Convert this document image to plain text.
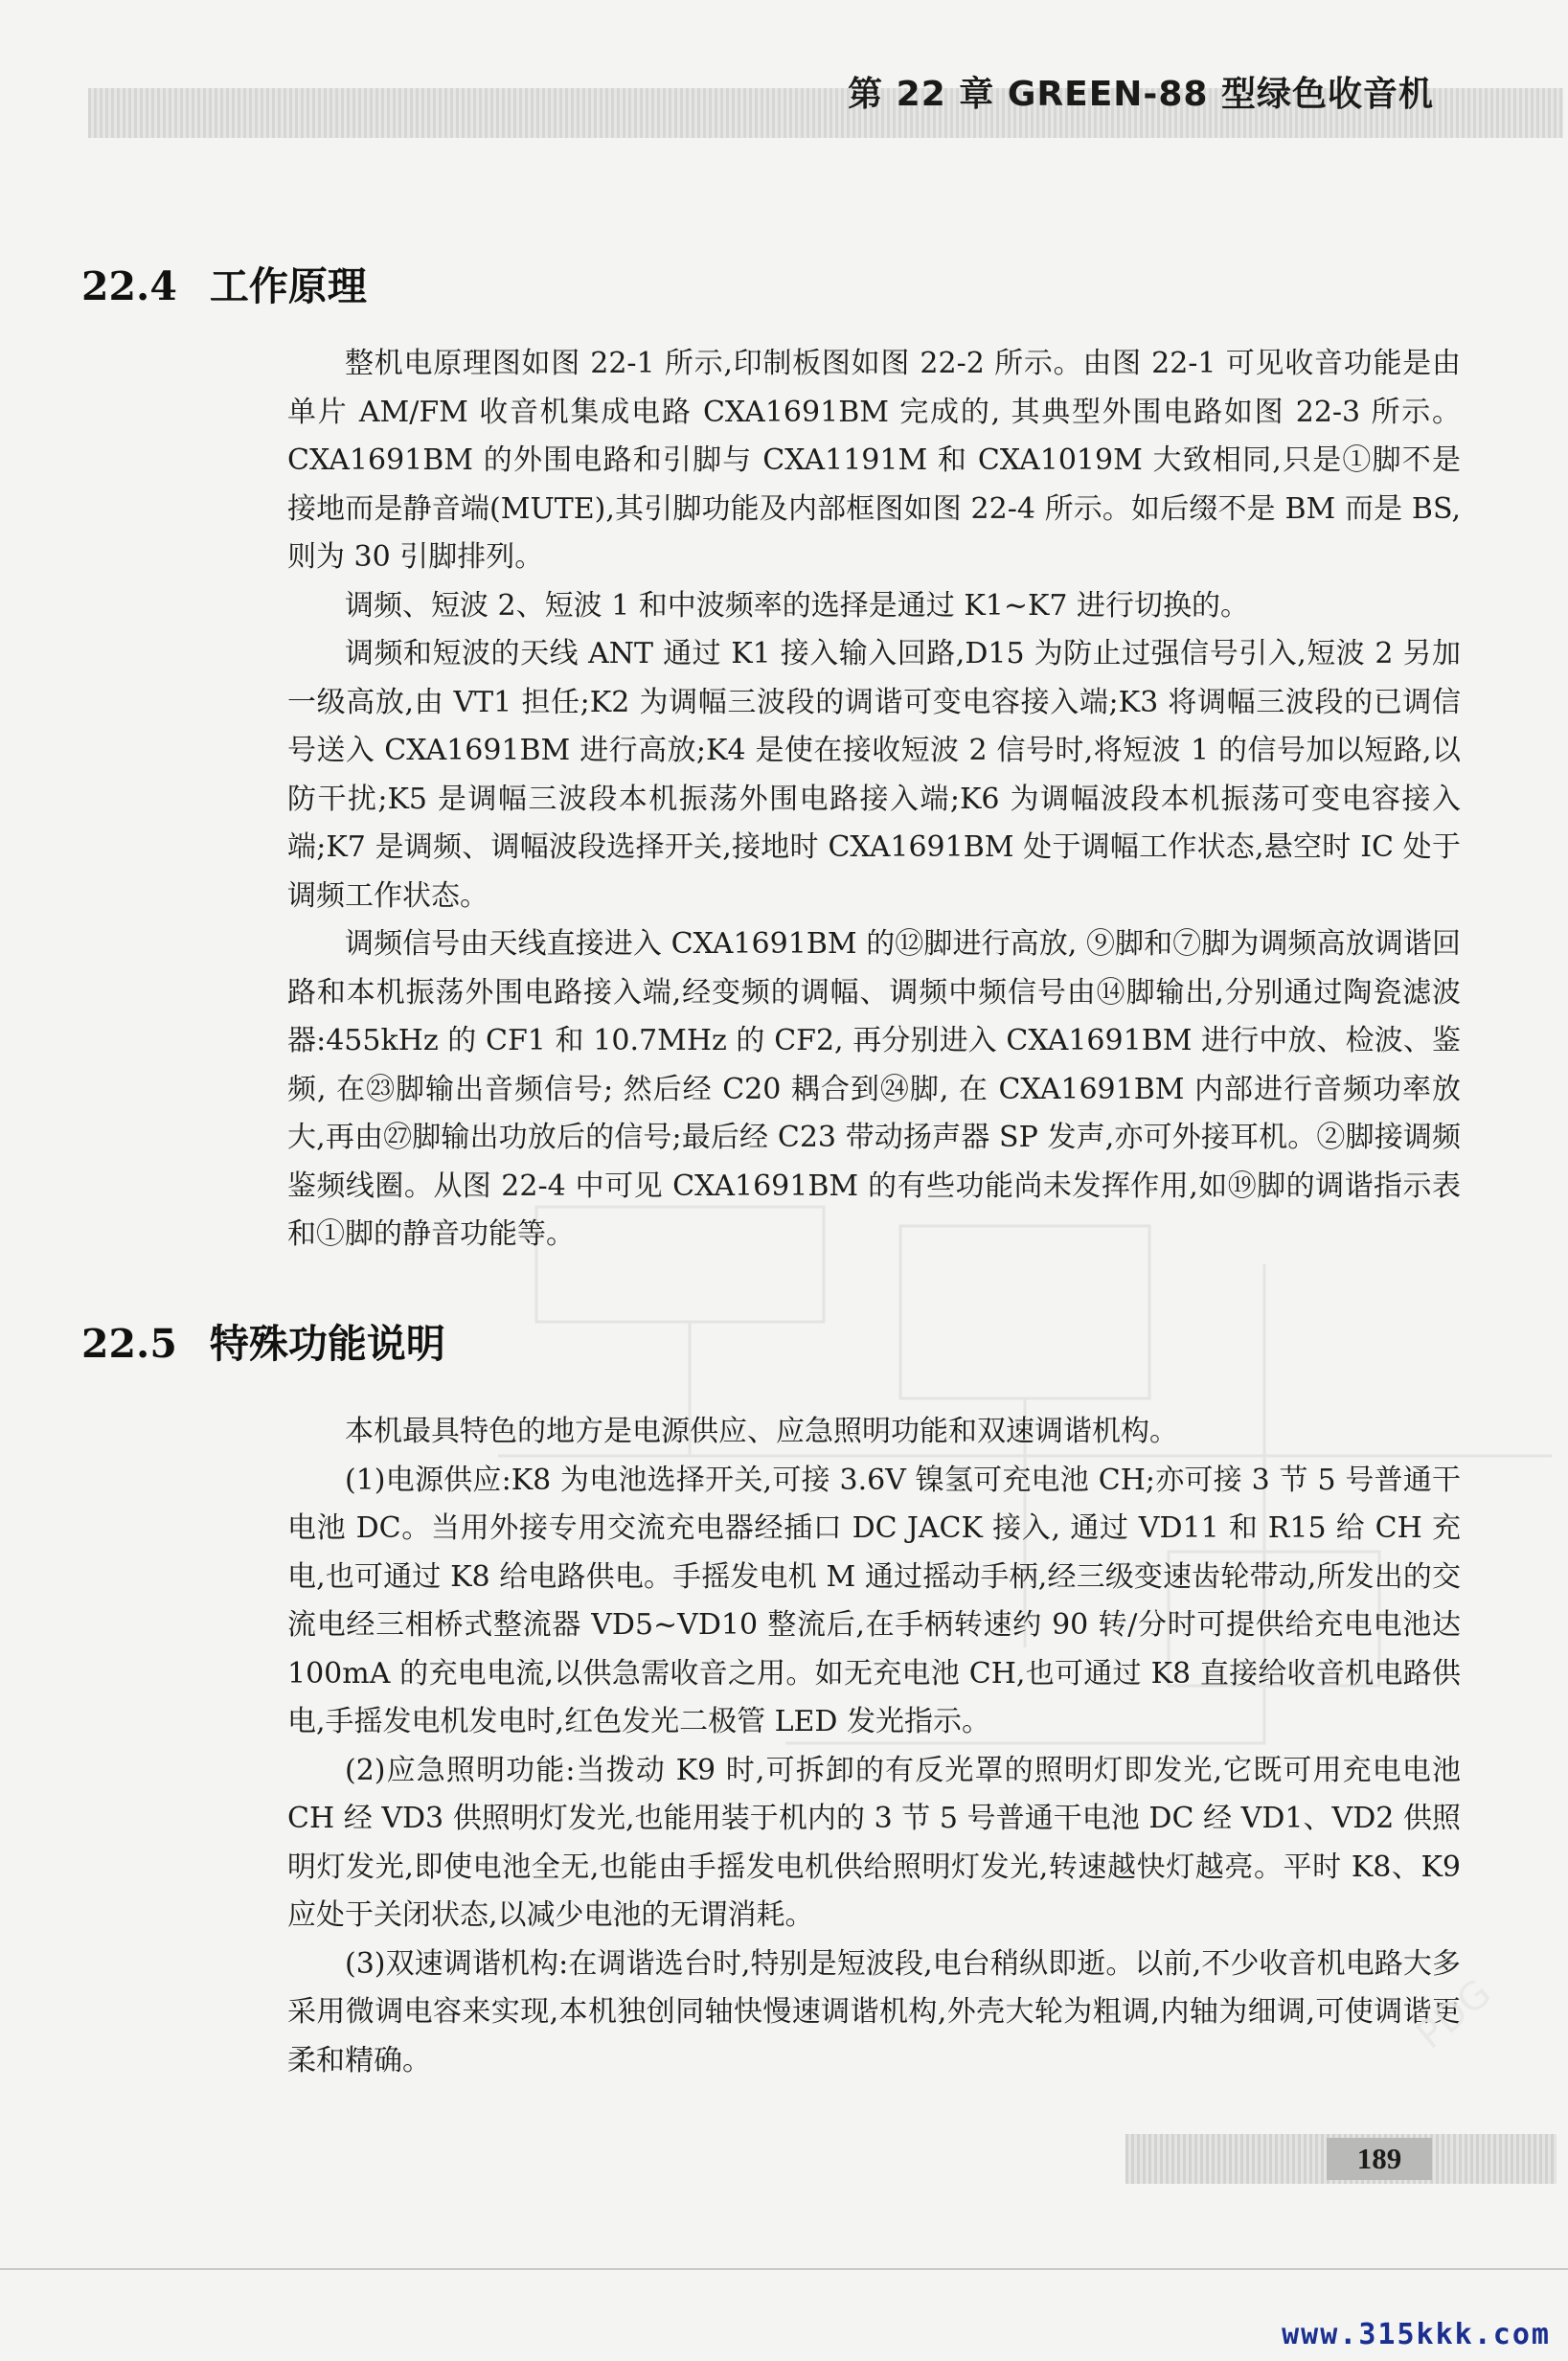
第 22 章 GREEN-88 型绿色收音机
22.4 工作原理

整机电原理图如图 22-1 所示,印制板图如图 22-2 所示。由图 22-1 可见收音功能是由单片 AM/FM 收音机集成电路 CXA1691BM 完成的, 其典型外围电路如图 22-3 所示。CXA1691BM 的外围电路和引脚与 CXA1191M 和 CXA1019M 大致相同,只是①脚不是接地而是静音端(MUTE),其引脚功能及内部框图如图 22-4 所示。如后缀不是 BM 而是 BS,则为 30 引脚排列。

调频、短波 2、短波 1 和中波频率的选择是通过 K1~K7 进行切换的。

调频和短波的天线 ANT 通过 K1 接入输入回路,D15 为防止过强信号引入,短波 2 另加一级高放,由 VT1 担任;K2 为调幅三波段的调谐可变电容接入端;K3 将调幅三波段的已调信号送入 CXA1691BM 进行高放;K4 是使在接收短波 2 信号时,将短波 1 的信号加以短路,以防干扰;K5 是调幅三波段本机振荡外围电路接入端;K6 为调幅波段本机振荡可变电容接入端;K7 是调频、调幅波段选择开关,接地时 CXA1691BM 处于调幅工作状态,悬空时 IC 处于调频工作状态。

调频信号由天线直接进入 CXA1691BM 的⑫脚进行高放, ⑨脚和⑦脚为调频高放调谐回路和本机振荡外围电路接入端,经变频的调幅、调频中频信号由⑭脚输出,分别通过陶瓷滤波器:455kHz 的 CF1 和 10.7MHz 的 CF2, 再分别进入 CXA1691BM 进行中放、检波、鉴频, 在㉓脚输出音频信号; 然后经 C20 耦合到㉔脚, 在 CXA1691BM 内部进行音频功率放大,再由㉗脚输出功放后的信号;最后经 C23 带动扬声器 SP 发声,亦可外接耳机。②脚接调频鉴频线圈。从图 22-4 中可见 CXA1691BM 的有些功能尚未发挥作用,如⑲脚的调谐指示表和①脚的静音功能等。

22.5 特殊功能说明

本机最具特色的地方是电源供应、应急照明功能和双速调谐机构。

(1)电源供应:K8 为电池选择开关,可接 3.6V 镍氢可充电池 CH;亦可接 3 节 5 号普通干电池 DC。当用外接专用交流充电器经插口 DC JACK 接入, 通过 VD11 和 R15 给 CH 充电,也可通过 K8 给电路供电。手摇发电机 M 通过摇动手柄,经三级变速齿轮带动,所发出的交流电经三相桥式整流器 VD5~VD10 整流后,在手柄转速约 90 转/分时可提供给充电电池达 100mA 的充电电流,以供急需收音之用。如无充电池 CH,也可通过 K8 直接给收音机电路供电,手摇发电机发电时,红色发光二极管 LED 发光指示。

(2)应急照明功能:当拨动 K9 时,可拆卸的有反光罩的照明灯即发光,它既可用充电电池 CH 经 VD3 供照明灯发光,也能用装于机内的 3 节 5 号普通干电池 DC 经 VD1、VD2 供照明灯发光,即使电池全无,也能由手摇发电机供给照明灯发光,转速越快灯越亮。平时 K8、K9 应处于关闭状态,以减少电池的无谓消耗。

(3)双速调谐机构:在调谐选台时,特别是短波段,电台稍纵即逝。以前,不少收音机电路大多采用微调电容来实现,本机独创同轴快慢速调谐机构,外壳大轮为粗调,内轴为细调,可使调谐更柔和精确。

PDG
189
www.315kkk.com
